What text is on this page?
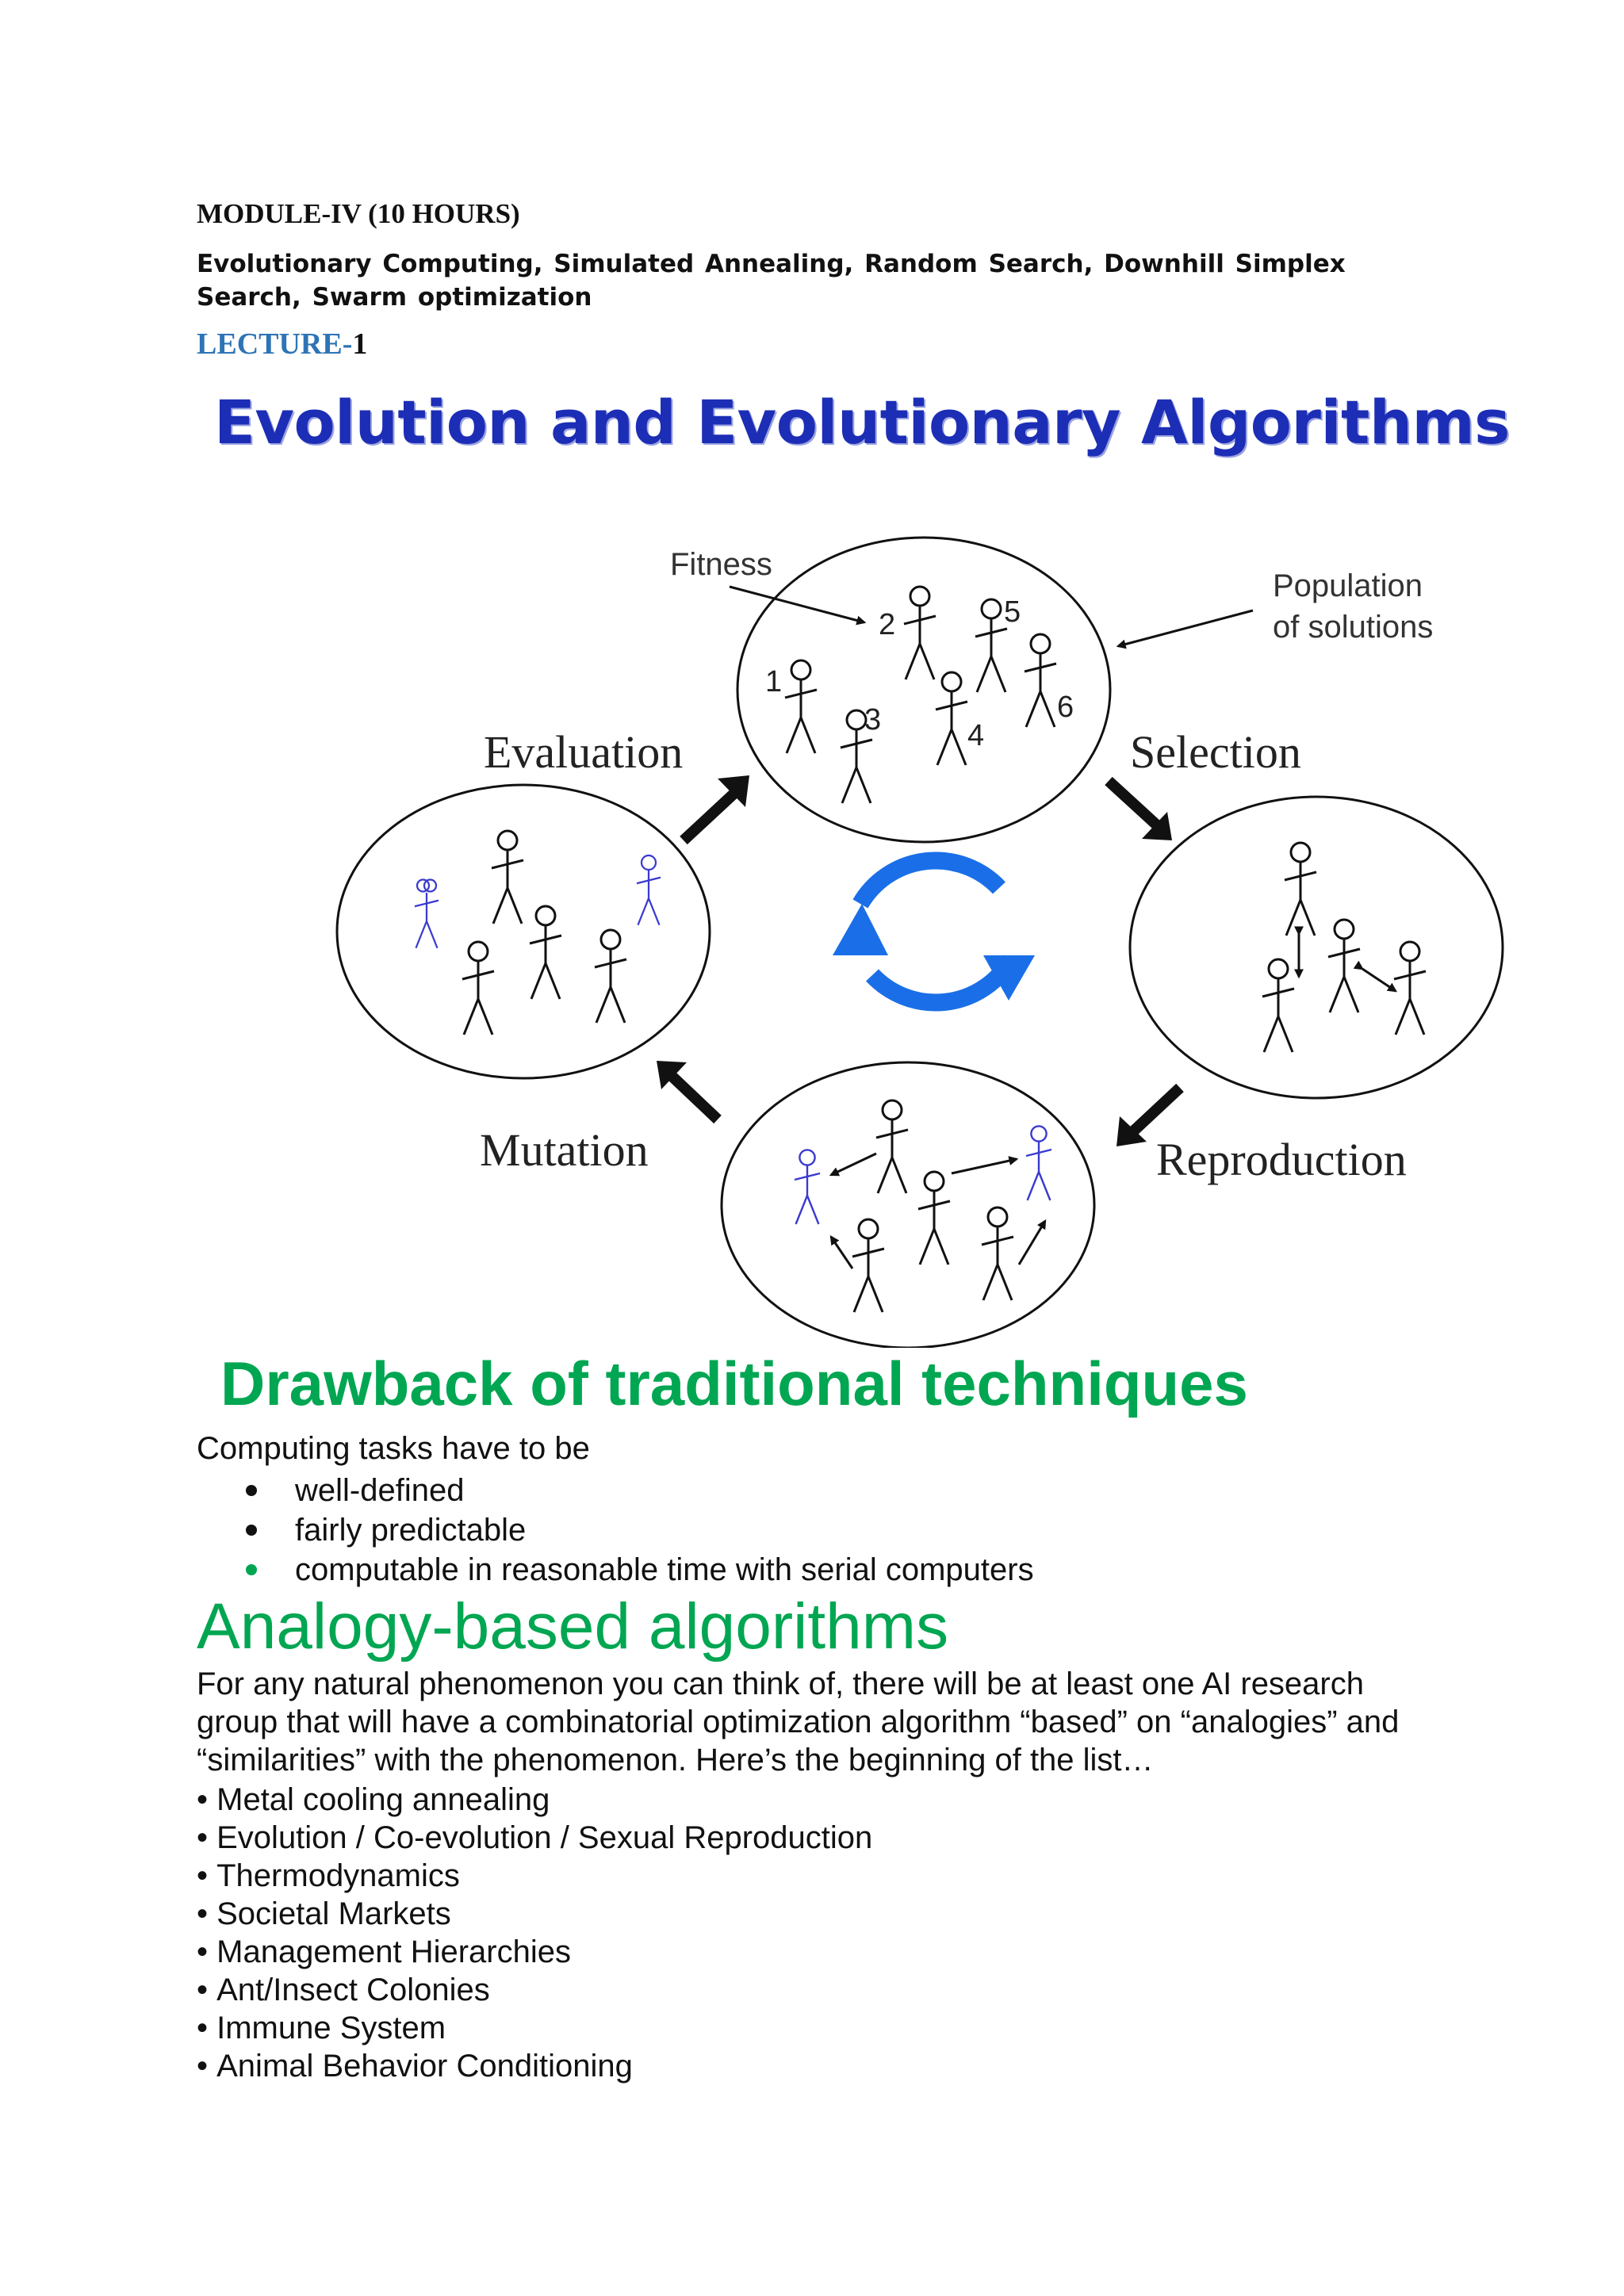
MODULE-IV (10 HOURS)
Evolutionary Computing, Simulated Annealing, Random Search, Downhill Simplex Search, Swarm optimization
LECTURE-1
Evolution and Evolutionary Algorithms
Evaluation	Selection
Reproduction
Mutation
Fitness
Population
of solutions
1
2
3	4
5
6
Drawback of traditional techniques
Computing tasks have to be
well-defined
fairly predictable
computable in reasonable time with serial computers
Analogy-based algorithms
For any natural phenomenon you can think of, there will be at least one AI research group that will have a combinatorial optimization algorithm “based” on “analogies” and “similarities” with the phenomenon. Here’s the beginning of the list…
• Metal cooling annealing
• Evolution / Co-evolution / Sexual Reproduction
• Thermodynamics
• Societal Markets
• Management Hierarchies
• Ant/Insect Colonies
• Immune System
• Animal Behavior Conditioning
